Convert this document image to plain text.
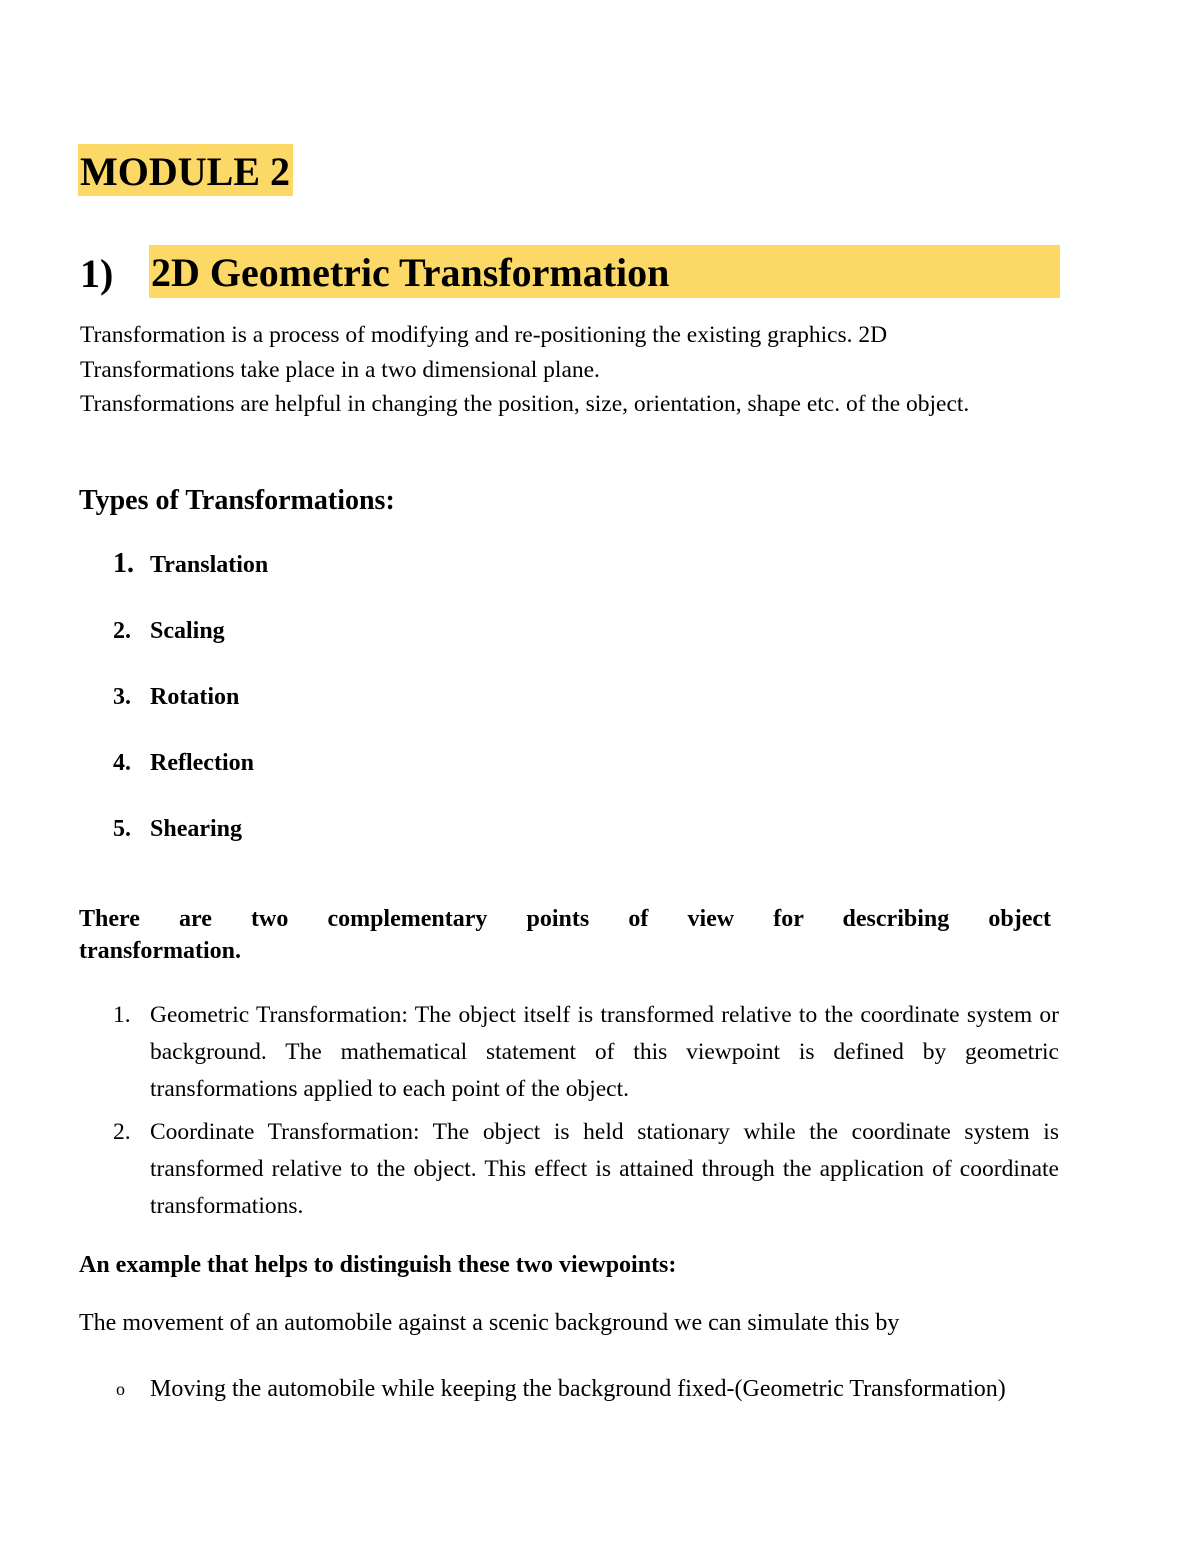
MODULE 2
1) 2D Geometric Transformation
Transformation is a process of modifying and re-positioning the existing graphics. 2D Transformations take place in a two dimensional plane.
Transformations are helpful in changing the position, size, orientation, shape etc. of the object.
Types of Transformations:
1. Translation
2. Scaling
3. Rotation
4. Reflection
5. Shearing
There are two complementary points of view for describing object
transformation.
1. Geometric Transformation: The object itself is transformed relative to the coordinate system or background. The mathematical statement of this viewpoint is defined by geometric transformations applied to each point of the object.
2. Coordinate Transformation: The object is held stationary while the coordinate system is transformed relative to the object. This effect is attained through the application of coordinate transformations.
An example that helps to distinguish these two viewpoints:
The movement of an automobile against a scenic background we can simulate this by
o Moving the automobile while keeping the background fixed-(Geometric Transformation)
